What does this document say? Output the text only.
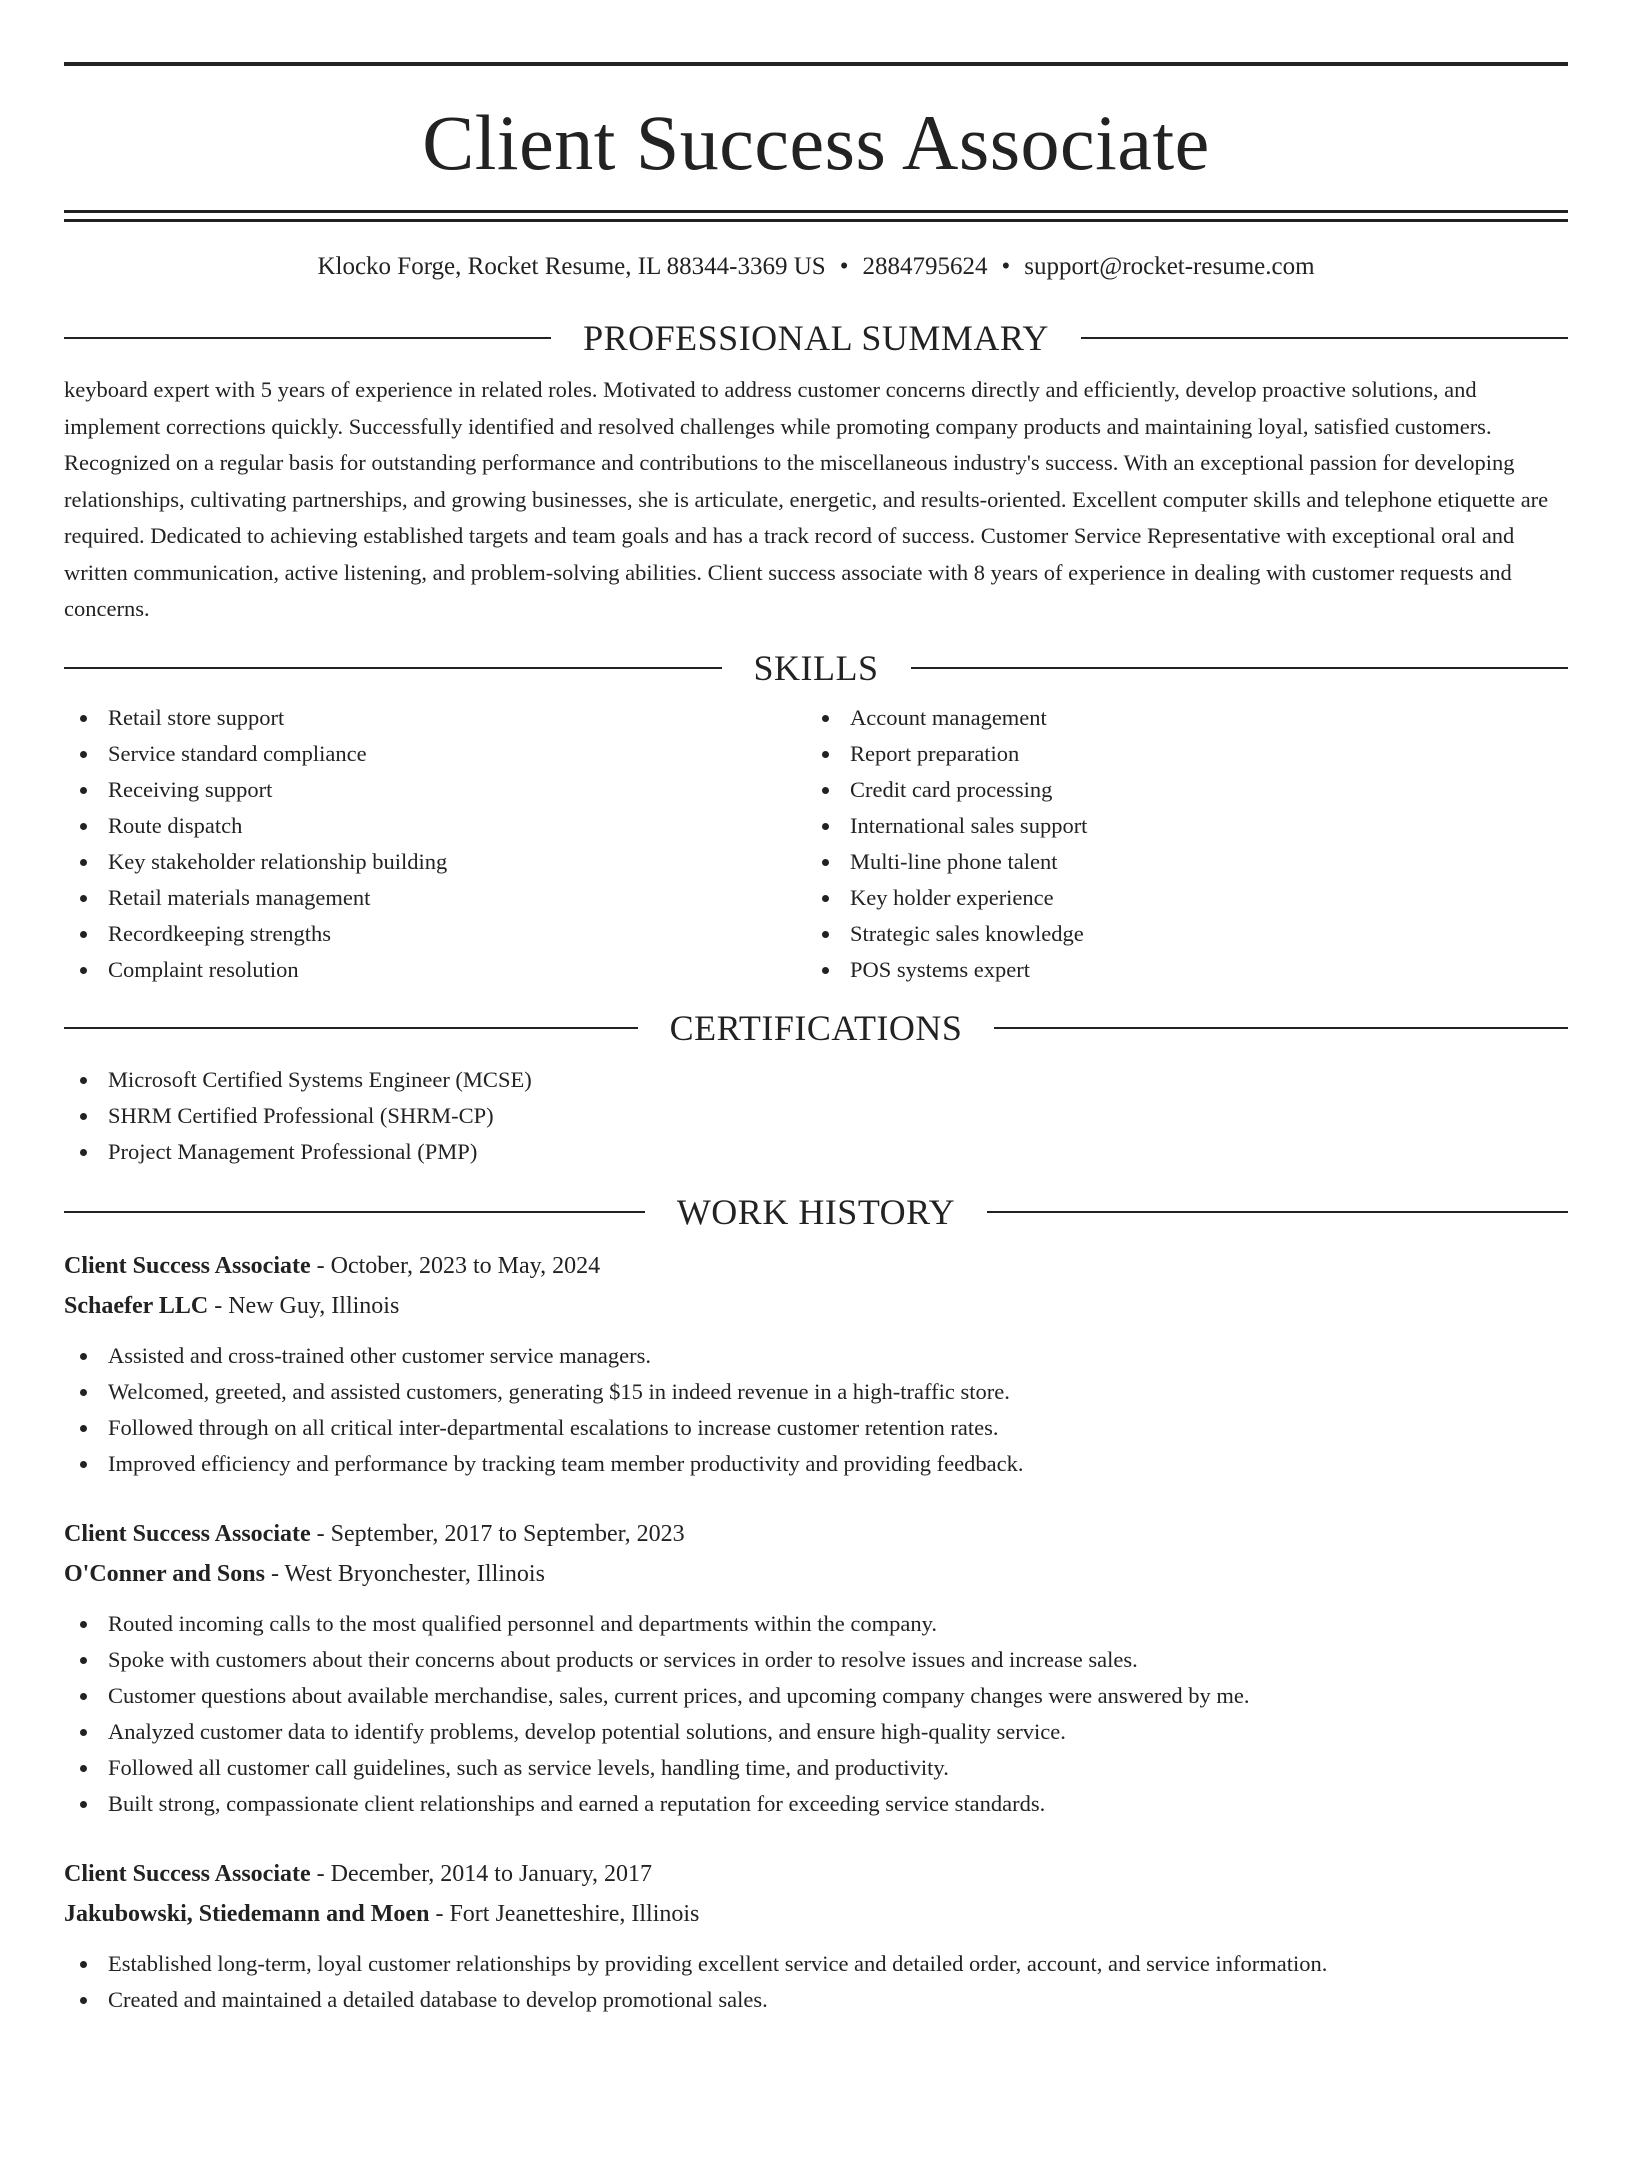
Client Success Associate
Klocko Forge, Rocket Resume, IL 88344-3369 US • 2884795624 • support@rocket-resume.com
PROFESSIONAL SUMMARY

keyboard expert with 5 years of experience in related roles. Motivated to address customer concerns directly and efficiently, develop proactive solutions, and implement corrections quickly. Successfully identified and resolved challenges while promoting company products and maintaining loyal, satisfied customers. Recognized on a regular basis for outstanding performance and contributions to the miscellaneous industry's success. With an exceptional passion for developing relationships, cultivating partnerships, and growing businesses, she is articulate, energetic, and results-oriented. Excellent computer skills and telephone etiquette are required. Dedicated to achieving established targets and team goals and has a track record of success. Customer Service Representative with exceptional oral and written communication, active listening, and problem-solving abilities. Client success associate with 8 years of experience in dealing with customer requests and concerns.

SKILLS
Retail store support
Service standard compliance
Receiving support
Route dispatch
Key stakeholder relationship building
Retail materials management
Recordkeeping strengths
Complaint resolution
Account management
Report preparation
Credit card processing
International sales support
Multi-line phone talent
Key holder experience
Strategic sales knowledge
POS systems expert
CERTIFICATIONS
Microsoft Certified Systems Engineer (MCSE)
SHRM Certified Professional (SHRM-CP)
Project Management Professional (PMP)
WORK HISTORY

Client Success Associate - October, 2023 to May, 2024

Schaefer LLC - New Guy, Illinois

Assisted and cross-trained other customer service managers.
Welcomed, greeted, and assisted customers, generating $15 in indeed revenue in a high-traffic store.
Followed through on all critical inter-departmental escalations to increase customer retention rates.
Improved efficiency and performance by tracking team member productivity and providing feedback.

Client Success Associate - September, 2017 to September, 2023

O'Conner and Sons - West Bryonchester, Illinois

Routed incoming calls to the most qualified personnel and departments within the company.
Spoke with customers about their concerns about products or services in order to resolve issues and increase sales.
Customer questions about available merchandise, sales, current prices, and upcoming company changes were answered by me.
Analyzed customer data to identify problems, develop potential solutions, and ensure high-quality service.
Followed all customer call guidelines, such as service levels, handling time, and productivity.
Built strong, compassionate client relationships and earned a reputation for exceeding service standards.

Client Success Associate - December, 2014 to January, 2017

Jakubowski, Stiedemann and Moen - Fort Jeanetteshire, Illinois

Established long-term, loyal customer relationships by providing excellent service and detailed order, account, and service information.
Created and maintained a detailed database to develop promotional sales.
